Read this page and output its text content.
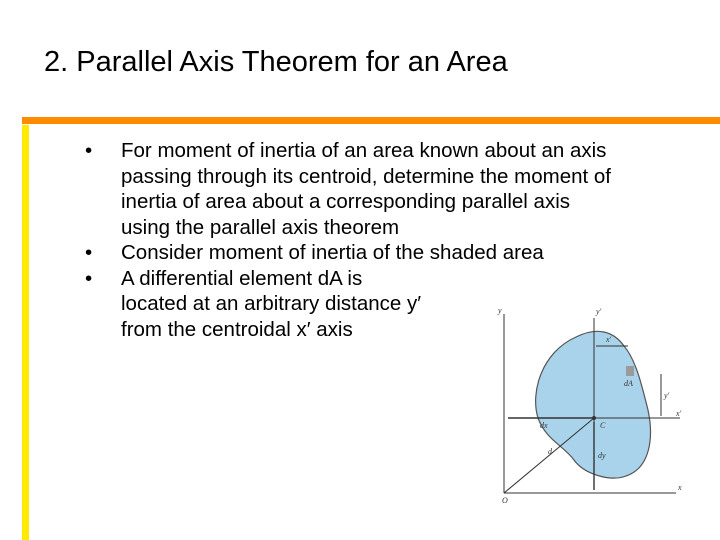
2. Parallel Axis Theorem for an Area
•	For moment of inertia of an area known about an axis
passing through its centroid, determine the moment of
inertia of area about a corresponding parallel axis
using the parallel axis theorem
•	Consider moment of inertia of the shaded area
•	A differential element dA is
located at an arbitrary distance y′
from the centroidal x′ axis
y	y′
x
x′
O
C
dA
d
dx
dy
x′
y′
